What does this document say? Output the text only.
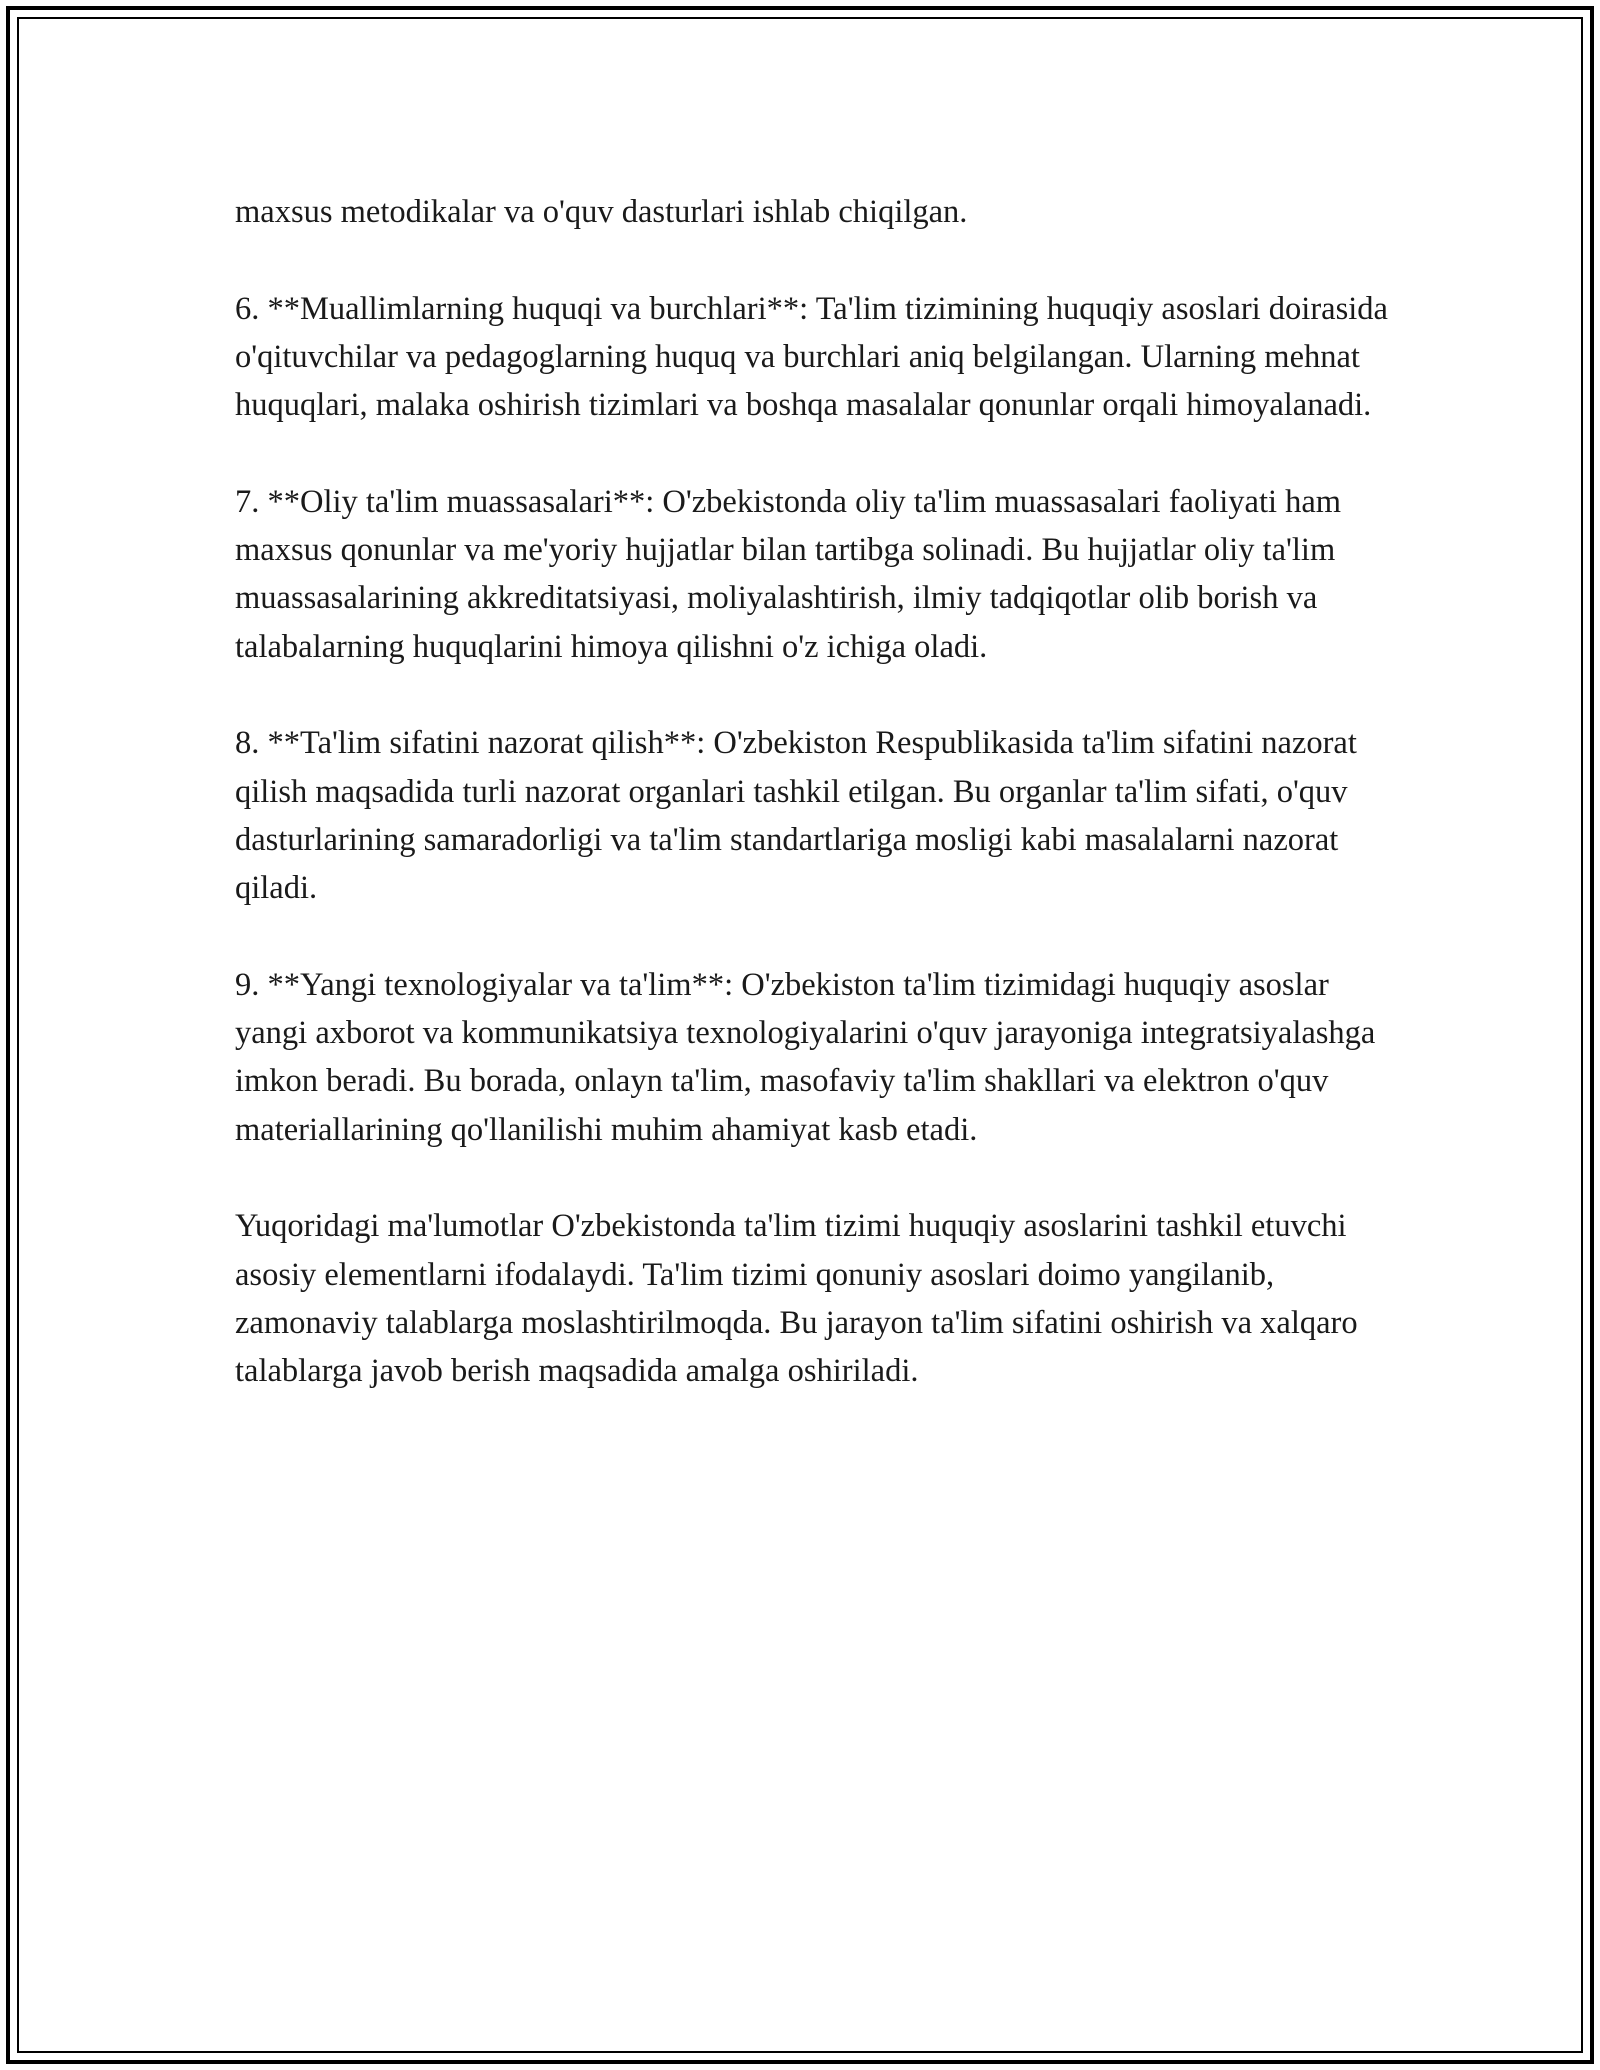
maxsus metodikalar va o'quv dasturlari ishlab chiqilgan.

6. **Muallimlarning huquqi va burchlari**: Ta'lim tizimining huquqiy asoslari doirasida o'qituvchilar va pedagoglarning huquq va burchlari aniq belgilangan. Ularning mehnat huquqlari, malaka oshirish tizimlari va boshqa masalalar qonunlar orqali himoyalanadi.

7. **Oliy ta'lim muassasalari**: O'zbekistonda oliy ta'lim muassasalari faoliyati ham maxsus qonunlar va me'yoriy hujjatlar bilan tartibga solinadi. Bu hujjatlar oliy ta'lim muassasalarining akkreditatsiyasi, moliyalashtirish, ilmiy tadqiqotlar olib borish va talabalarning huquqlarini himoya qilishni o'z ichiga oladi.

8. **Ta'lim sifatini nazorat qilish**: O'zbekiston Respublikasida ta'lim sifatini nazorat qilish maqsadida turli nazorat organlari tashkil etilgan. Bu organlar ta'lim sifati, o'quv dasturlarining samaradorligi va ta'lim standartlariga mosligi kabi masalalarni nazorat qiladi.

9. **Yangi texnologiyalar va ta'lim**: O'zbekiston ta'lim tizimidagi huquqiy asoslar yangi axborot va kommunikatsiya texnologiyalarini o'quv jarayoniga integratsiyalashga imkon beradi. Bu borada, onlayn ta'lim, masofaviy ta'lim shakllari va elektron o'quv materiallarining qo'llanilishi muhim ahamiyat kasb etadi.

Yuqoridagi ma'lumotlar O'zbekistonda ta'lim tizimi huquqiy asoslarini tashkil etuvchi asosiy elementlarni ifodalaydi. Ta'lim tizimi qonuniy asoslari doimo yangilanib, zamonaviy talablarga moslashtirilmoqda. Bu jarayon ta'lim sifatini oshirish va xalqaro talablarga javob berish maqsadida amalga oshiriladi.
